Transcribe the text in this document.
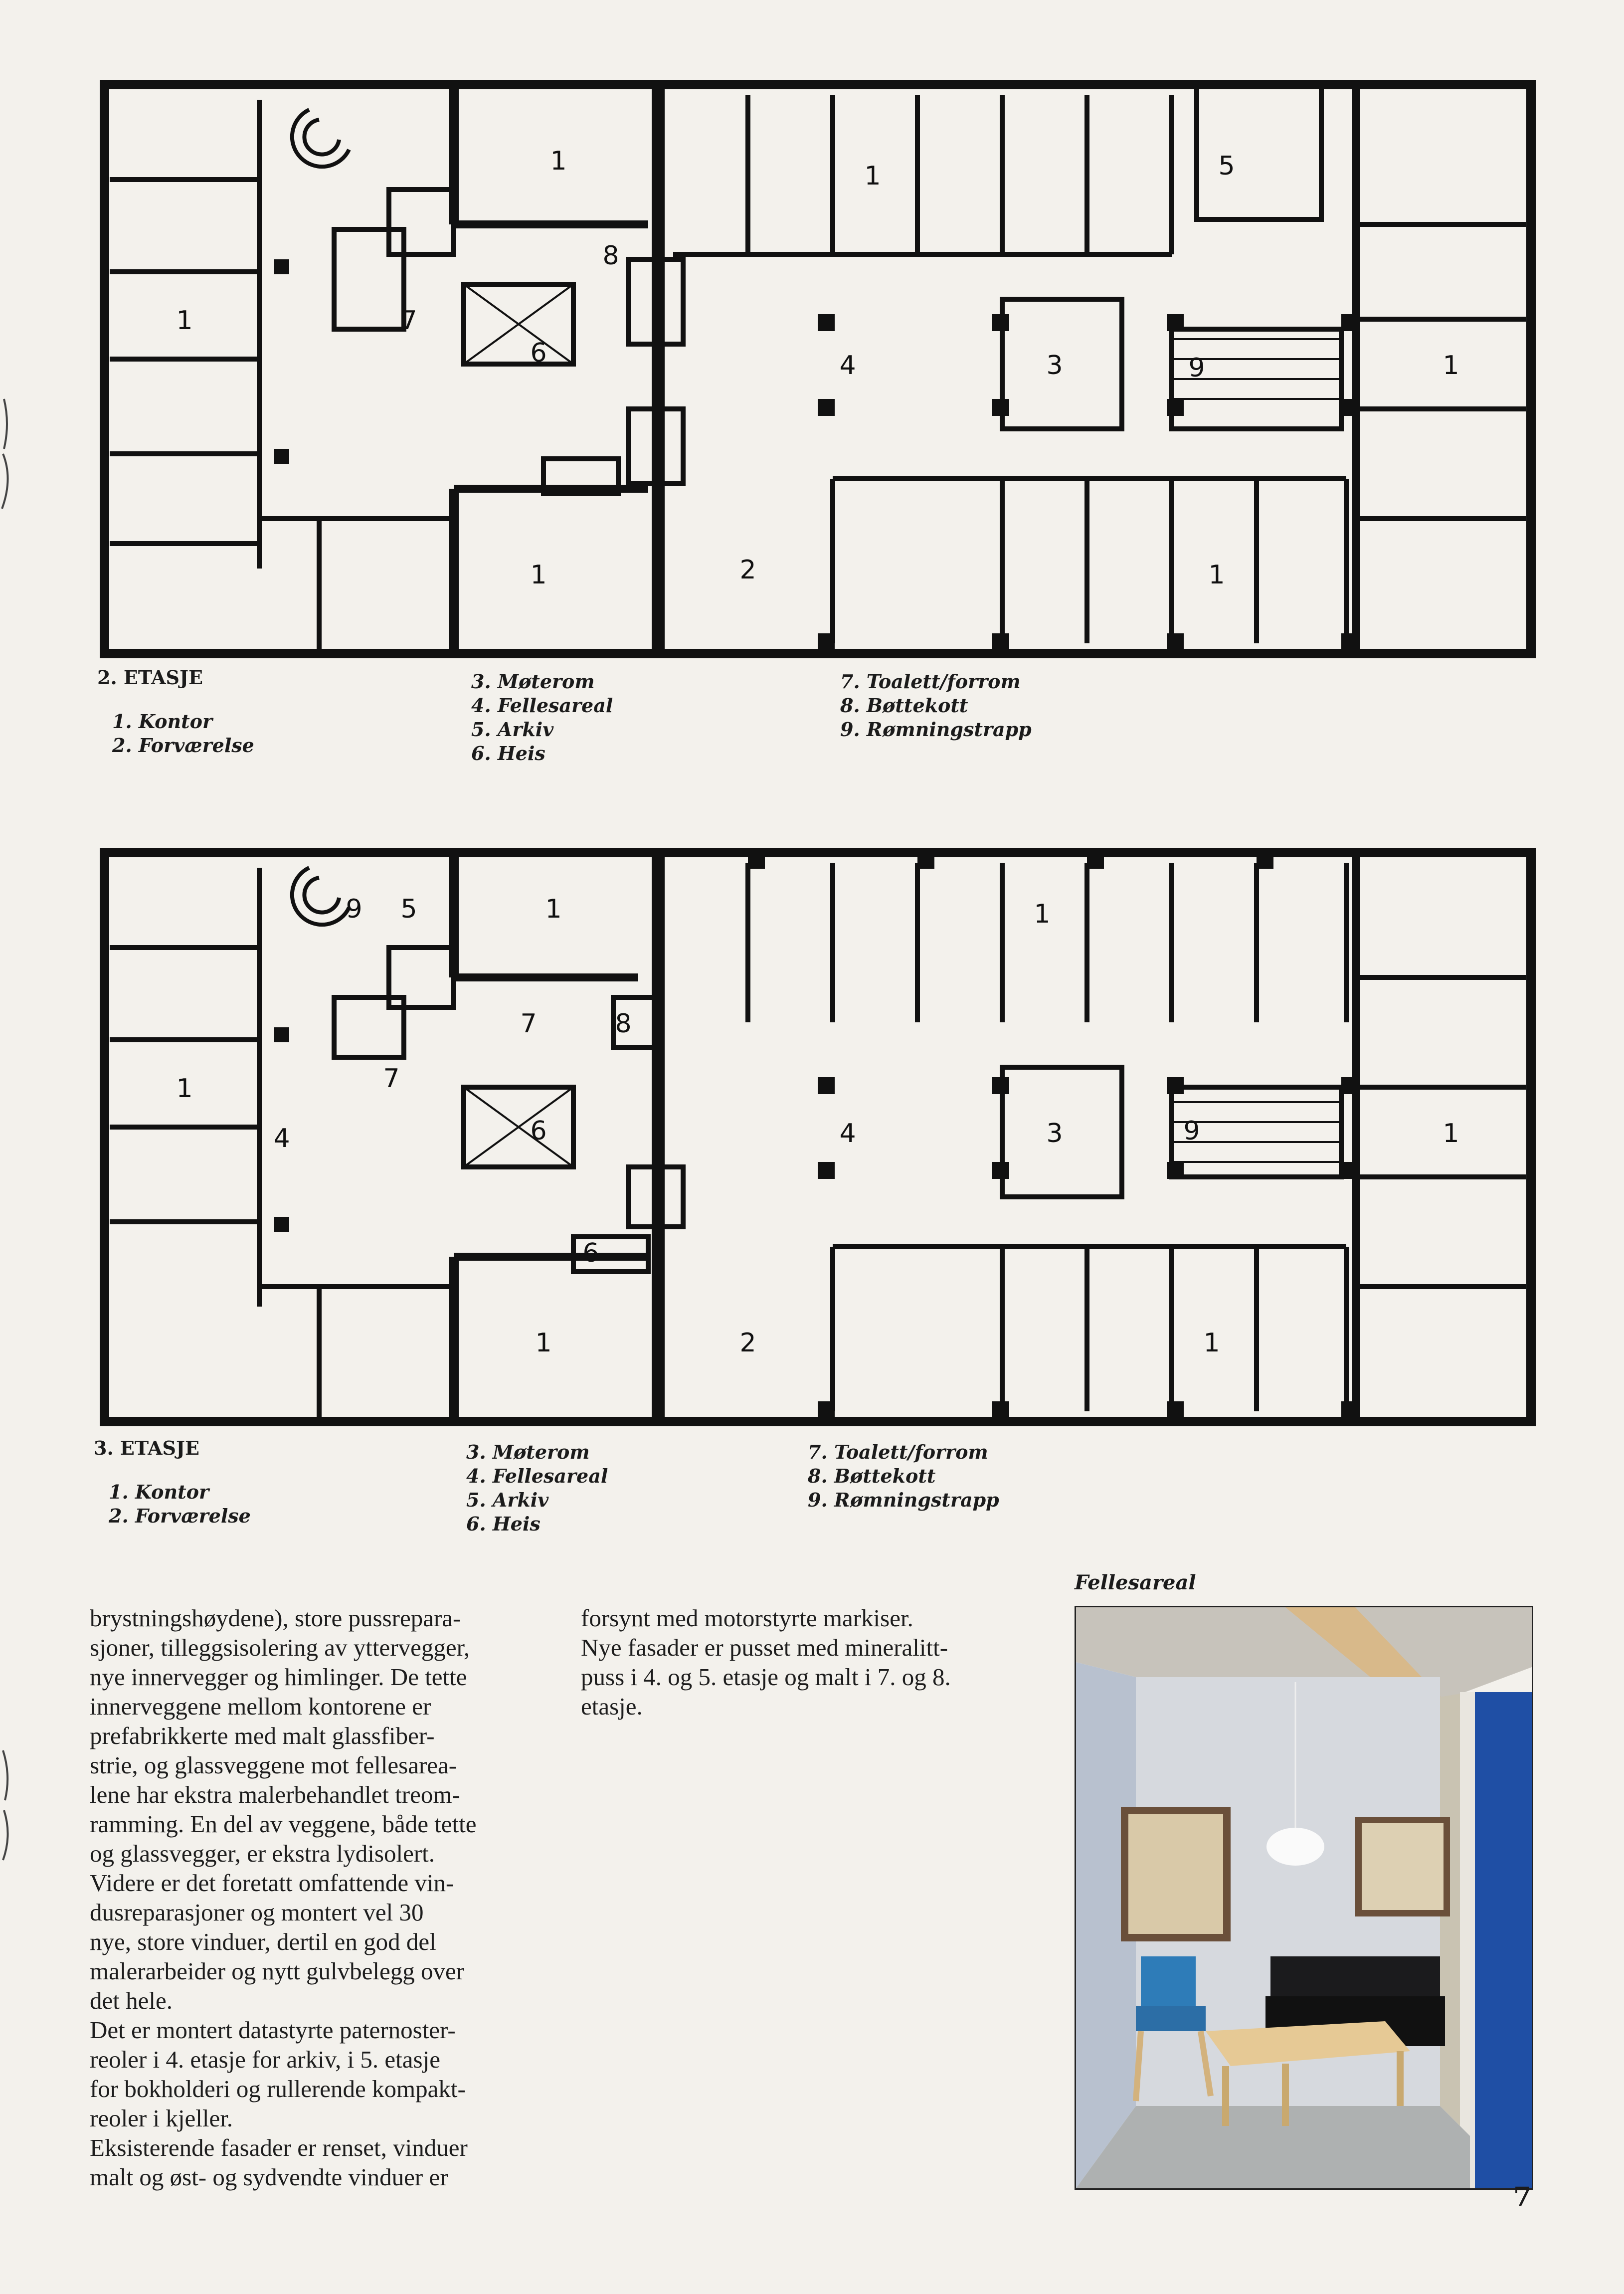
1
1	1
1	1
1
2
3
4
5
6
7
8
9
2. ETASJE
1. Kontor
2. Forværelse
3. Møterom
4. Fellesareal
5. Arkiv
6. Heis
7. Toalett/forrom
8. Bøttekott
9. Rømningstrapp
1
1	1
1	1
1
2
3
4
4
5
6
6
7
7
8
9
9
3. ETASJE
1. Kontor
2. Forværelse
3. Møterom
4. Fellesareal
5. Arkiv
6. Heis
7. Toalett/forrom
8. Bøttekott
9. Rømningstrapp

brystningshøydene), store pussrepara-

sjoner, tilleggsisolering av yttervegger,

nye innervegger og himlinger. De tette

innerveggene mellom kontorene er

prefabrikkerte med malt glassfiber-

strie, og glassveggene mot fellesarea-

lene har ekstra malerbehandlet treom-

ramming. En del av veggene, både tette

og glassvegger, er ekstra lydisolert.

Videre er det foretatt omfattende vin-

dusreparasjoner og montert vel 30

nye, store vinduer, dertil en god del

malerarbeider og nytt gulvbelegg over

det hele.

Det er montert datastyrte paternoster-

reoler i 4. etasje for arkiv, i 5. etasje

for bokholderi og rullerende kompakt-

reoler i kjeller.

Eksisterende fasader er renset, vinduer

malt og øst- og sydvendte vinduer er

forsynt med motorstyrte markiser.

Nye fasader er pusset med mineralitt-

puss i 4. og 5. etasje og malt i 7. og 8.

etasje.

Fellesareal
7
